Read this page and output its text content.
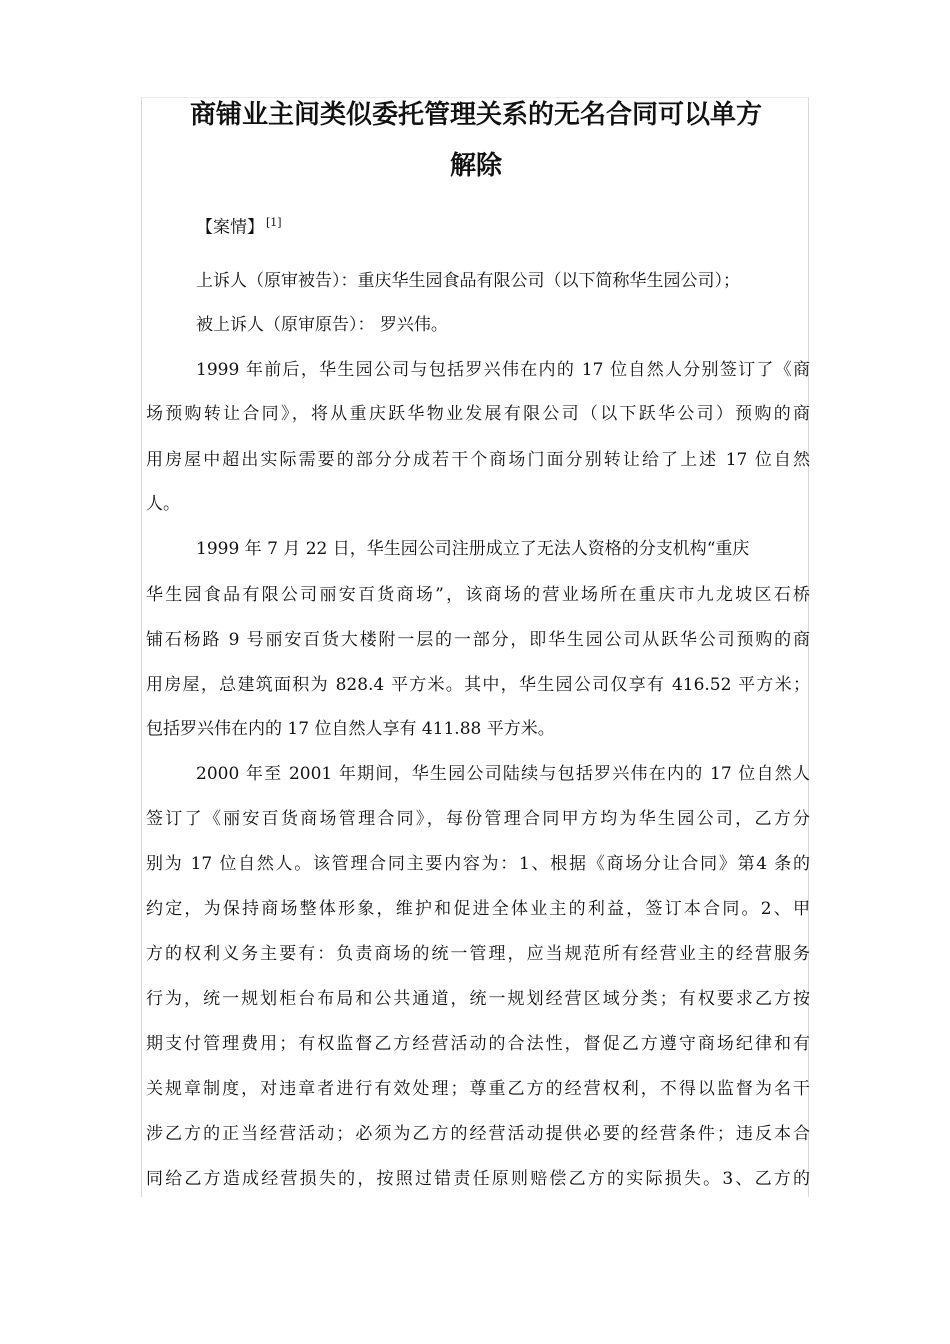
商铺业主间类似委托管理关系的无名合同可以单方
解除

【案情】 [1]

上诉人（原审被告）：重庆华生园食品有限公司（以下简称华生园公司）；

被上诉人（原审原告）： 罗兴伟。

1999 年前后，华生园公司与包括罗兴伟在内的 17 位自然人分别签订了《商

场预购转让合同》，将从重庆跃华物业发展有限公司（以下跃华公司）预购的商

用房屋中超出实际需要的部分分成若干个商场门面分别转让给了上述 17 位自然

人。

1999 年 7 月 22 日，华生园公司注册成立了无法人资格的分支机构“重庆

华生园食品有限公司丽安百货商场”，该商场的营业场所在重庆市九龙坡区石桥

铺石杨路 9 号丽安百货大楼附一层的一部分，即华生园公司从跃华公司预购的商

用房屋，总建筑面积为 828.4 平方米。其中，华生园公司仅享有 416.52 平方米；

包括罗兴伟在内的 17 位自然人享有 411.88 平方米。

2000 年至 2001 年期间，华生园公司陆续与包括罗兴伟在内的 17 位自然人

签订了《丽安百货商场管理合同》，每份管理合同甲方均为华生园公司，乙方分

别为 17 位自然人。该管理合同主要内容为：1、根据《商场分让合同》第4 条的

约定，为保持商场整体形象，维护和促进全体业主的利益，签订本合同。2、甲

方的权利义务主要有：负责商场的统一管理，应当规范所有经营业主的经营服务

行为，统一规划柜台布局和公共通道，统一规划经营区域分类；有权要求乙方按

期支付管理费用；有权监督乙方经营活动的合法性，督促乙方遵守商场纪律和有

关规章制度，对违章者进行有效处理；尊重乙方的经营权利，不得以监督为名干

涉乙方的正当经营活动；必须为乙方的经营活动提供必要的经营条件；违反本合

同给乙方造成经营损失的，按照过错责任原则赔偿乙方的实际损失。3、乙方的
